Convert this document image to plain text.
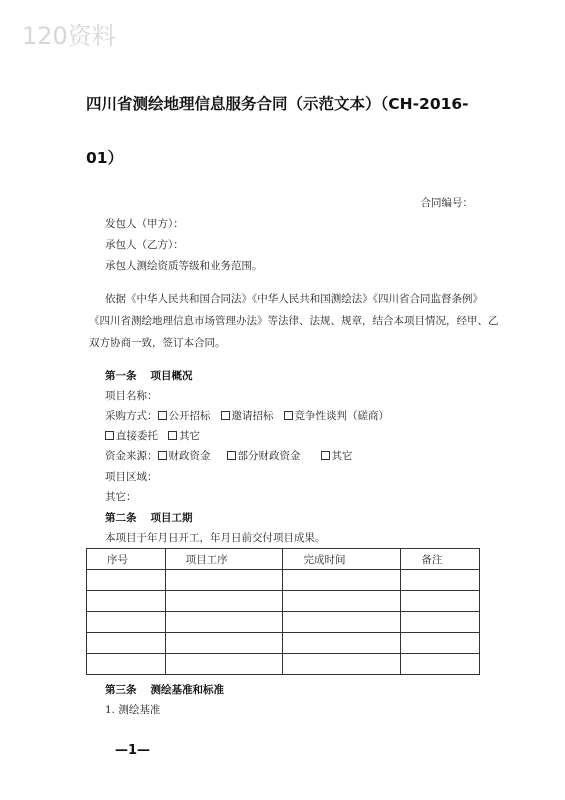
120资料
四川省测绘地理信息服务合同（示范文本）（CH-2016-
01）
合同编号：
发包人（甲方）：
承包人（乙方）：
承包人测绘资质等级和业务范围。
依据《中华人民共和国合同法》《中华人民共和国测绘法》《四川省合同监督条例》
《四川省测绘地理信息市场管理办法》等法律、法规、规章，结合本项目情况，经甲、乙
双方协商一致，签订本合同。
第一条 项目概况
项目名称：
采购方式： 公开招标 邀请招标 竞争性谈判（磋商）
直接委托 其它
资金来源： 财政资金	部分财政资金	其它
项目区域：
其它：
第二条 项目工期
本项目于年月日开工，年月日前交付项目成果。
序号	项目工序	完成时间	备注

第三条 测绘基准和标准
1. 测绘基准
—1—
